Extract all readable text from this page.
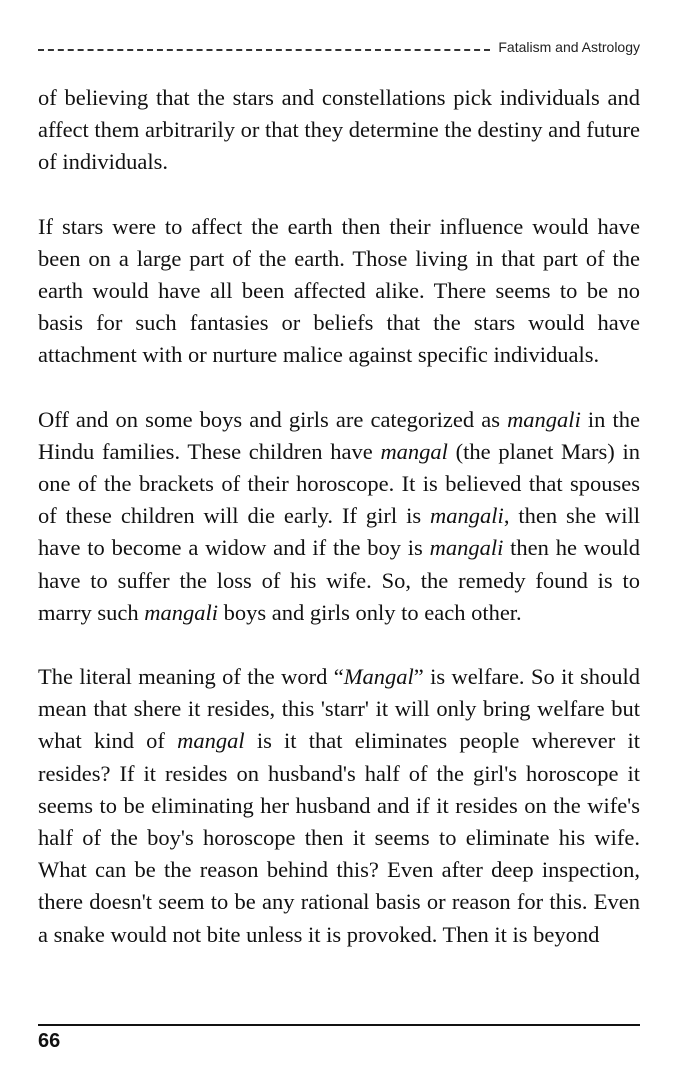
Fatalism and Astrology

of believing that the stars and constellations pick individuals and affect them arbitrarily or that they determine the destiny and future of individuals.

If stars were to affect the earth then their influence would have been on a large part of the earth. Those living in that part of the earth would have all been affected alike. There seems to be no basis for such fantasies or beliefs that the stars would have attachment with or nurture malice against specific individuals.

Off and on some boys and girls are categorized as mangali in the Hindu families. These children have mangal (the planet Mars) in one of the brackets of their horoscope. It is believed that spouses of these children will die early. If girl is mangali, then she will have to become a widow and if the boy is mangali then he would have to suffer the loss of his wife. So, the remedy found is to marry such mangali boys and girls only to each other.

The literal meaning of the word “Mangal” is welfare. So it should mean that shere it resides, this 'starr' it will only bring welfare but what kind of mangal is it that eliminates people wherever it resides? If it resides on husband's half of the girl's horoscope it seems to be eliminating her husband and if it resides on the wife's half of the boy's horoscope then it seems to eliminate his wife. What can be the reason behind this? Even after deep inspection, there doesn't seem to be any rational basis or reason for this. Even a snake would not bite unless it is provoked. Then it is beyond

66
